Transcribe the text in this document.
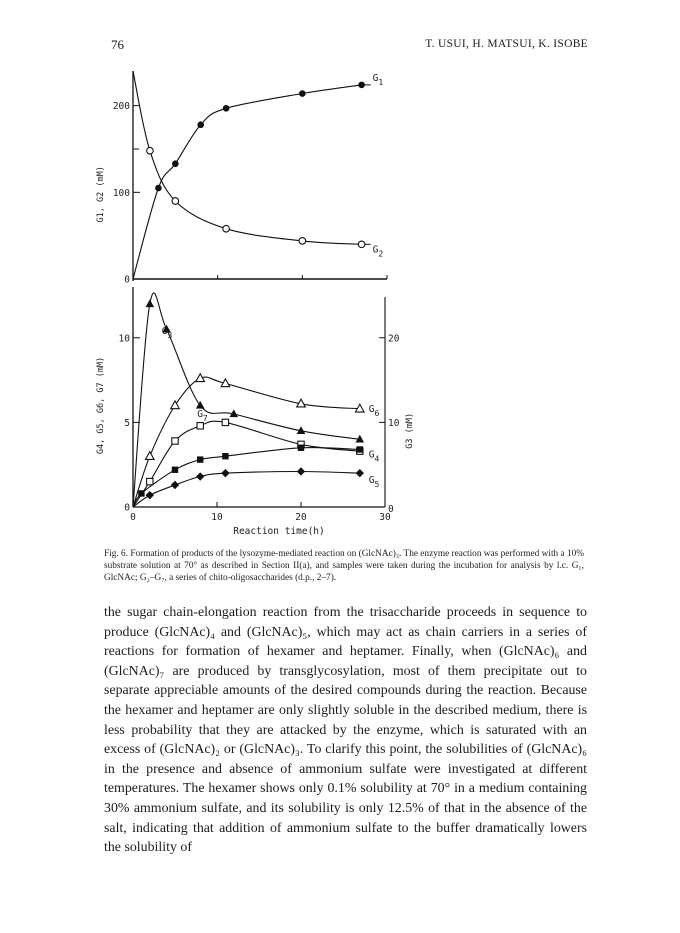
76	T. USUI, H. MATSUI, K. ISOBE
0
100
200
G1, G2 (mM)
$G_1$
$G_2$
0	10	20	30
0
5
10
0
10
20
Reaction time(h)
G4, G5, G6, G7 (mM)	G3 (mM)
$G_3$
$G_6$
$G_7$
$G_4$
$G_5$
Fig. 6. Formation of products of the lysozyme-mediated reaction on (GlcNAc)₃. The enzyme reaction was performed with a 10% substrate solution at 70° as described in Section II(a), and samples were taken during the incubation for analysis by l.c. G₁, GlcNAc; G₂–G₇, a series of chito-oligosaccharides (d.p., 2–7).

the sugar chain-elongation reaction from the trisaccharide proceeds in sequence to produce (GlcNAc)₄ and (GlcNAc)₅, which may act as chain carriers in a series of reactions for formation of hexamer and heptamer. Finally, when (GlcNAc)₆ and (GlcNAc)₇ are produced by transglycosylation, most of them precipitate out to separate appreciable amounts of the desired compounds during the reaction. Because the hexamer and heptamer are only slightly soluble in the described medium, there is less probability that they are attacked by the enzyme, which is saturated with an excess of (GlcNAc)₂ or (GlcNAc)₃. To clarify this point, the solubilities of (GlcNAc)₆ in the presence and absence of ammonium sulfate were investigated at different temperatures. The hexamer shows only 0.1% solubility at 70° in a medium containing 30% ammonium sulfate, and its solubility is only 12.5% of that in the absence of the salt, indicating that addition of ammonium sulfate to the buffer dramatically lowers the solubility of
